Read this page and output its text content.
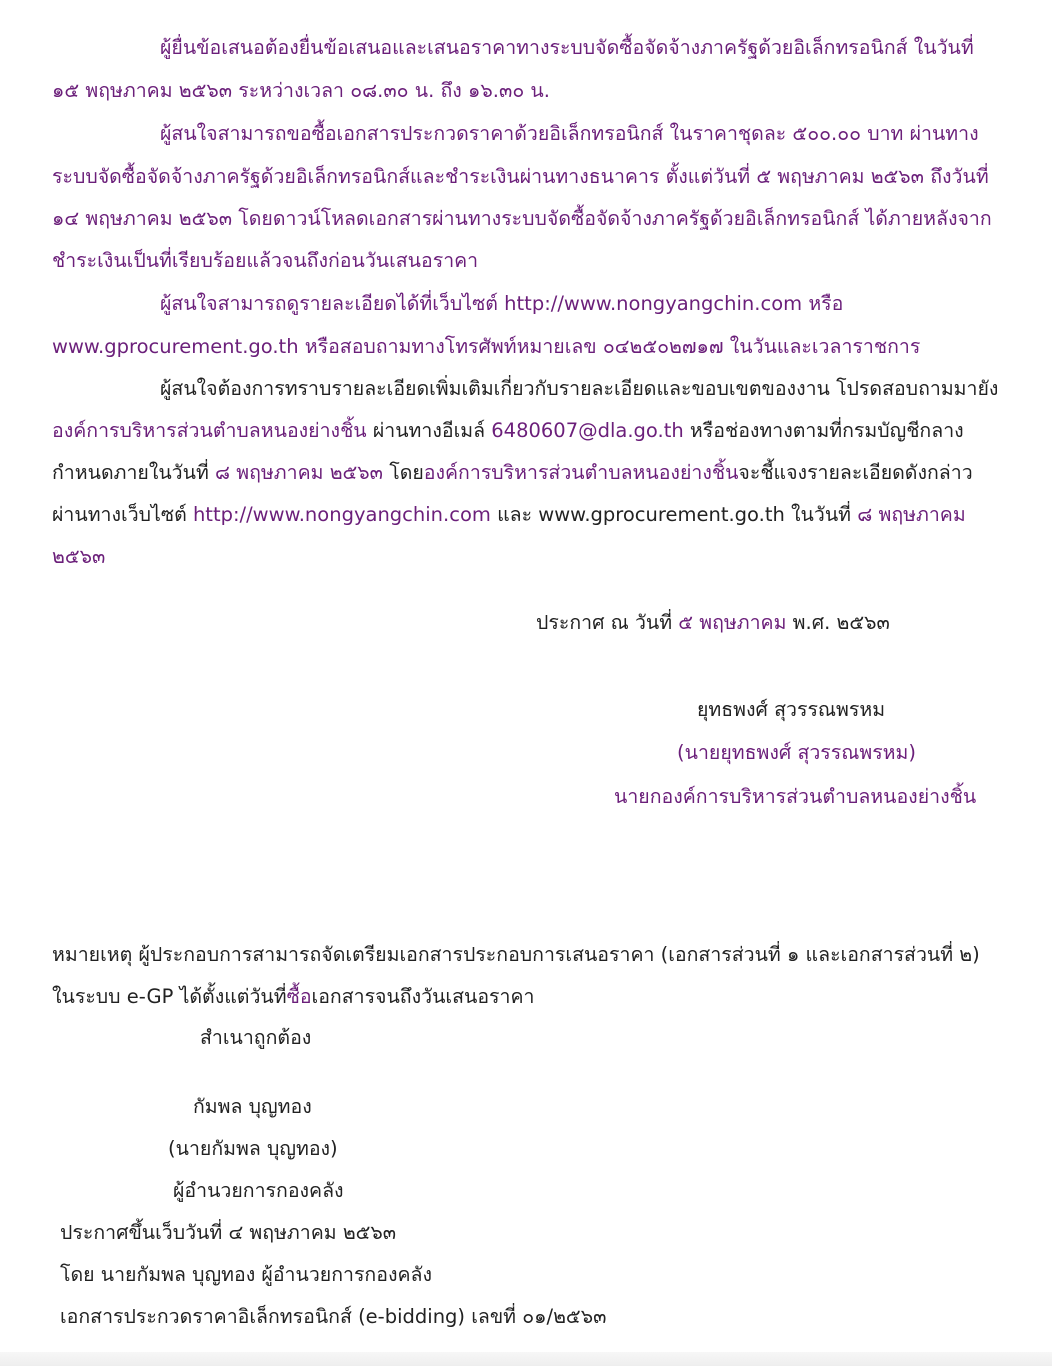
ผู้ยื่นข้อเสนอต้องยื่นข้อเสนอและเสนอราคาทางระบบจัดซื้อจัดจ้างภาครัฐด้วยอิเล็กทรอนิกส์ ในวันที่
๑๕ พฤษภาคม ๒๕๖๓ ระหว่างเวลา ๐๘.๓๐ น. ถึง ๑๖.๓๐ น.
ผู้สนใจสามารถขอซื้อเอกสารประกวดราคาด้วยอิเล็กทรอนิกส์ ในราคาชุดละ ๕๐๐.๐๐ บาท ผ่านทาง
ระบบจัดซื้อจัดจ้างภาครัฐด้วยอิเล็กทรอนิกส์และชำระเงินผ่านทางธนาคาร ตั้งแต่วันที่ ๕ พฤษภาคม ๒๕๖๓ ถึงวันที่
๑๔ พฤษภาคม ๒๕๖๓ โดยดาวน์โหลดเอกสารผ่านทางระบบจัดซื้อจัดจ้างภาครัฐด้วยอิเล็กทรอนิกส์ ได้ภายหลังจาก
ชำระเงินเป็นที่เรียบร้อยแล้วจนถึงก่อนวันเสนอราคา
ผู้สนใจสามารถดูรายละเอียดได้ที่เว็บไซต์ http://www.nongyangchin.com หรือ
www.gprocurement.go.th หรือสอบถามทางโทรศัพท์หมายเลข ๐๔๒๕๐๒๗๑๗ ในวันและเวลาราชการ
ผู้สนใจต้องการทราบรายละเอียดเพิ่มเติมเกี่ยวกับรายละเอียดและขอบเขตของงาน โปรดสอบถามมายัง
องค์การบริหารส่วนตำบลหนองย่างชิ้น ผ่านทางอีเมล์ 6480607@dla.go.th หรือช่องทางตามที่กรมบัญชีกลาง
กำหนดภายในวันที่ ๘ พฤษภาคม ๒๕๖๓ โดยองค์การบริหารส่วนตำบลหนองย่างชิ้นจะชี้แจงรายละเอียดดังกล่าว
ผ่านทางเว็บไซต์ http://www.nongyangchin.com และ www.gprocurement.go.th ในวันที่ ๘ พฤษภาคม
๒๕๖๓
ประกาศ ณ วันที่ ๕ พฤษภาคม พ.ศ. ๒๕๖๓
ยุทธพงศ์ สุวรรณพรหม
(นายยุทธพงศ์ สุวรรณพรหม)
นายกองค์การบริหารส่วนตำบลหนองย่างชิ้น
หมายเหตุ ผู้ประกอบการสามารถจัดเตรียมเอกสารประกอบการเสนอราคา (เอกสารส่วนที่ ๑ และเอกสารส่วนที่ ๒)
ในระบบ e-GP ได้ตั้งแต่วันที่ซื้อเอกสารจนถึงวันเสนอราคา
สำเนาถูกต้อง
กัมพล บุญทอง
(นายกัมพล บุญทอง)
ผู้อำนวยการกองคลัง
ประกาศขึ้นเว็บวันที่ ๔ พฤษภาคม ๒๕๖๓
โดย นายกัมพล บุญทอง ผู้อำนวยการกองคลัง
เอกสารประกวดราคาอิเล็กทรอนิกส์ (e-bidding) เลขที่ ๐๑/๒๕๖๓
